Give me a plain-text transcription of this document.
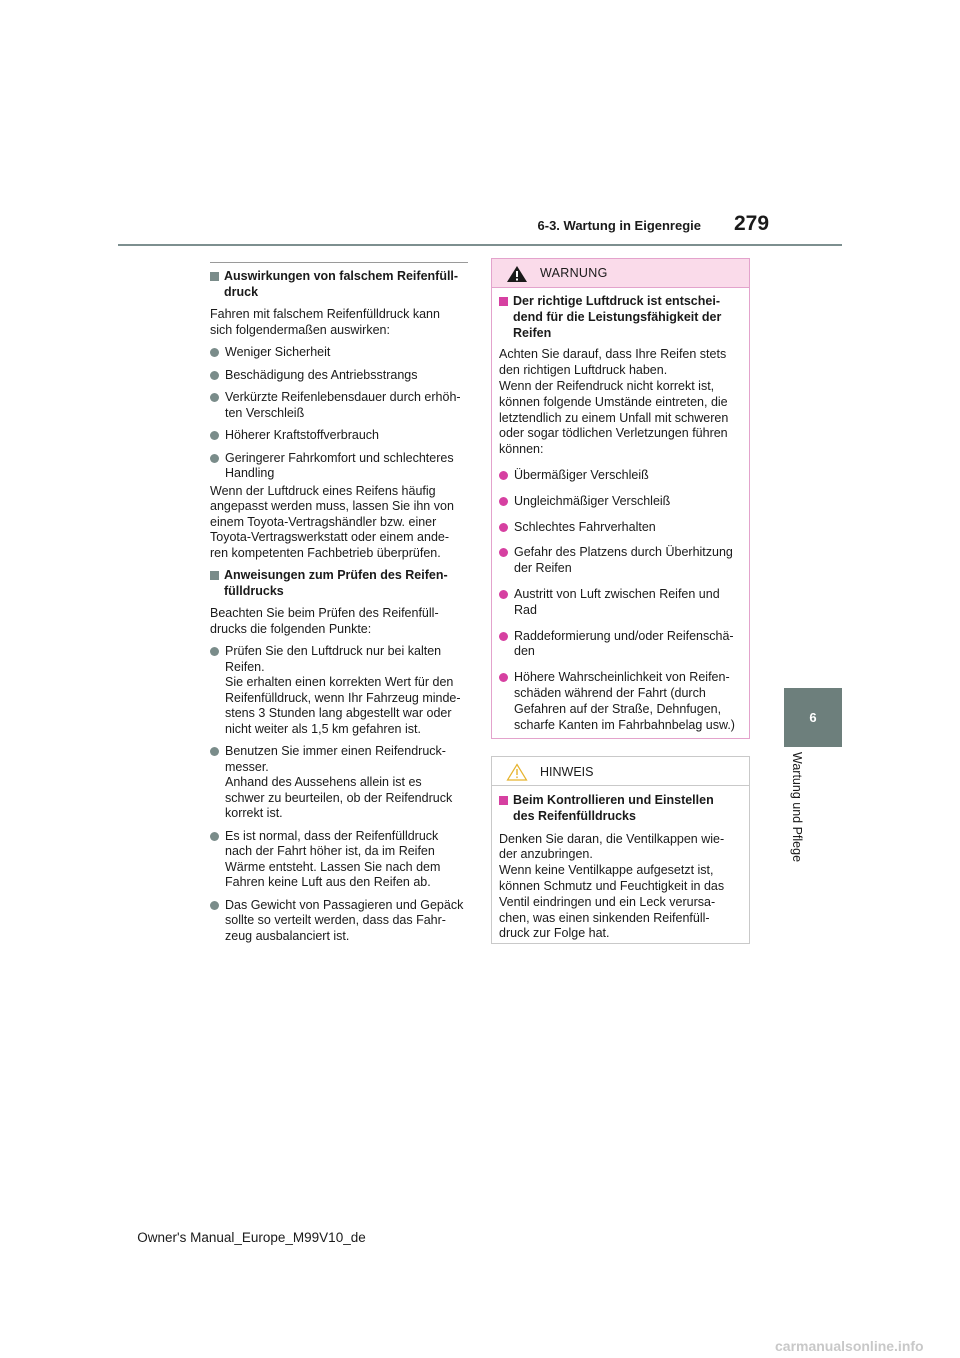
6-3. Wartung in Eigenregie 279
6
Wartung und Pflege
Auswirkungen von falschem Reifenfüll-
druck

Fahren mit falschem Reifenfülldruck kann
sich folgendermaßen auswirken:

Weniger Sicherheit
Beschädigung des Antriebsstrangs
Verkürzte Reifenlebensdauer durch erhöh-
ten Verschleiß
Höherer Kraftstoffverbrauch
Geringerer Fahrkomfort und schlechteres
Handling

Wenn der Luftdruck eines Reifens häufig
angepasst werden muss, lassen Sie ihn von
einem Toyota-Vertragshändler bzw. einer
Toyota-Vertragswerkstatt oder einem ande-
ren kompetenten Fachbetrieb überprüfen.

Anweisungen zum Prüfen des Reifen-
fülldrucks

Beachten Sie beim Prüfen des Reifenfüll-
drucks die folgenden Punkte:

Prüfen Sie den Luftdruck nur bei kalten
Reifen.
Sie erhalten einen korrekten Wert für den
Reifenfülldruck, wenn Ihr Fahrzeug minde-
stens 3 Stunden lang abgestellt war oder
nicht weiter als 1,5 km gefahren ist.
Benutzen Sie immer einen Reifendruck-
messer.
Anhand des Aussehens allein ist es
schwer zu beurteilen, ob der Reifendruck
korrekt ist.
Es ist normal, dass der Reifenfülldruck
nach der Fahrt höher ist, da im Reifen
Wärme entsteht. Lassen Sie nach dem
Fahren keine Luft aus den Reifen ab.
Das Gewicht von Passagieren und Gepäck
sollte so verteilt werden, dass das Fahr-
zeug ausbalanciert ist.
WARNUNG
Der richtige Luftdruck ist entschei-
dend für die Leistungsfähigkeit der
Reifen

Achten Sie darauf, dass Ihre Reifen stets
den richtigen Luftdruck haben.
Wenn der Reifendruck nicht korrekt ist,
können folgende Umstände eintreten, die
letztendlich zu einem Unfall mit schweren
oder sogar tödlichen Verletzungen führen
können:

Übermäßiger Verschleiß
Ungleichmäßiger Verschleiß
Schlechtes Fahrverhalten
Gefahr des Platzens durch Überhitzung
der Reifen
Austritt von Luft zwischen Reifen und
Rad
Raddeformierung und/oder Reifenschä-
den
Höhere Wahrscheinlichkeit von Reifen-
schäden während der Fahrt (durch
Gefahren auf der Straße, Dehnfugen,
scharfe Kanten im Fahrbahnbelag usw.)
HINWEIS
Beim Kontrollieren und Einstellen
des Reifenfülldrucks

Denken Sie daran, die Ventilkappen wie-
der anzubringen.
Wenn keine Ventilkappe aufgesetzt ist,
können Schmutz und Feuchtigkeit in das
Ventil eindringen und ein Leck verursa-
chen, was einen sinkenden Reifenfüll-
druck zur Folge hat.

Owner's Manual_Europe_M99V10_de
carmanualsonline.info
